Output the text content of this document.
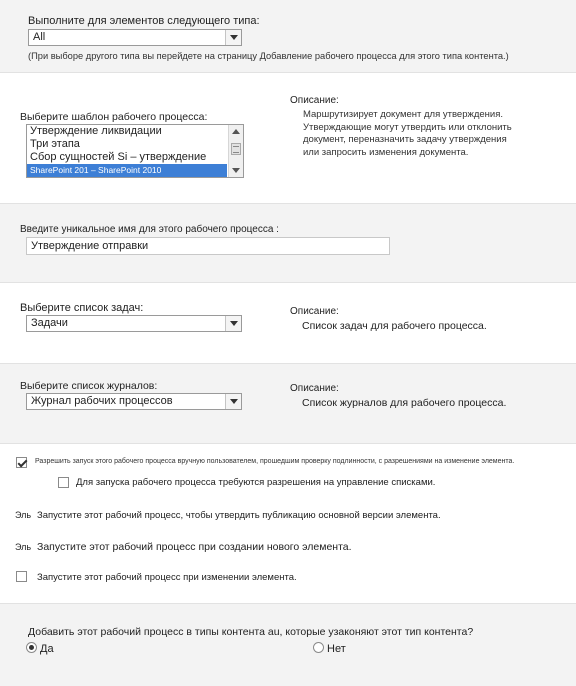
Выполните для элементов следующего типа:
All
(При выборе другого типа вы перейдете на страницу Добавление рабочего процесса для этого типа контента.)
Выберите шаблон рабочего процесса:
Утверждение ликвидации
Три этапа
Сбор сущностей Si – утверждение
SharePoint 201 – SharePoint 2010
Описание:
Маршрутизирует документ для утверждения.
Утверждающие могут утвердить или отклонить
документ, переназначить задачу утверждения
или запросить изменения документа.
Введите уникальное имя для этого рабочего процесса :
Утверждение отправки
Выберите список задач:
Задачи
Описание:
Список задач для рабочего процесса.
Выберите список журналов:
Журнал рабочих процессов
Описание:
Список журналов для рабочего процесса.
Разрешить запуск этого рабочего процесса вручную пользователем, прошедшим проверку подлинности, с разрешениями на изменение элемента.
Для запуска рабочего процесса требуются разрешения на управление списками.
Эль Запустите этот рабочий процесс, чтобы утвердить публикацию основной версии элемента.
Эль Запустите этот рабочий процесс при создании нового элемента.
Запустите этот рабочий процесс при изменении элемента.
Добавить этот рабочий процесс в типы контента au, которые узаконяют этот тип контента?
Да	Нет
